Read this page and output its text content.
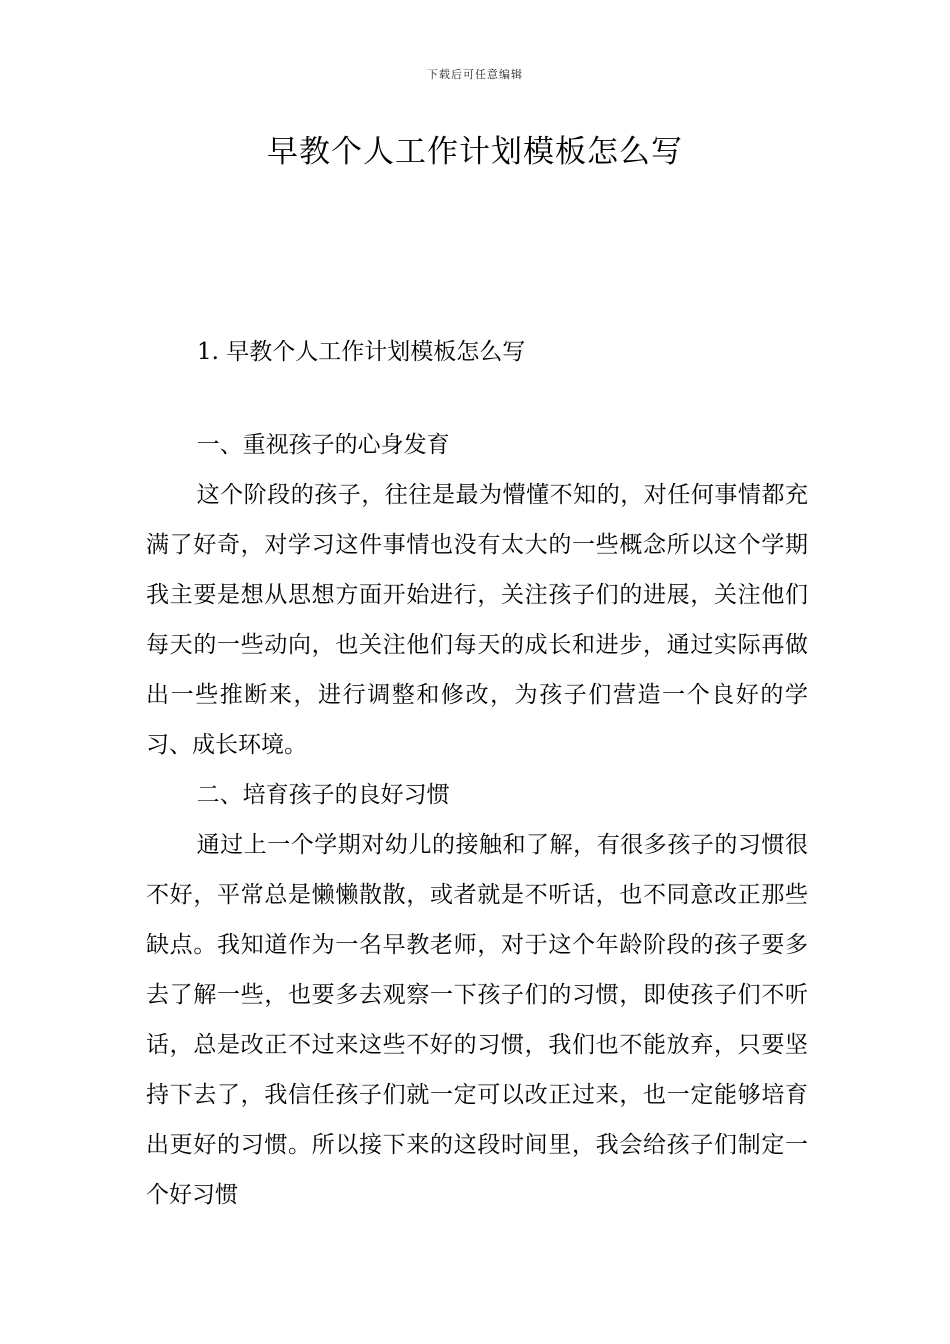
下载后可任意编辑
早教个人工作计划模板怎么写

1. 早教个人工作计划模板怎么写

一、重视孩子的心身发育

这个阶段的孩子，往往是最为懵懂不知的，对任何事情都充满了好奇，对学习这件事情也没有太大的一些概念所以这个学期我主要是想从思想方面开始进行，关注孩子们的进展，关注他们每天的一些动向，也关注他们每天的成长和进步，通过实际再做出一些推断来，进行调整和修改，为孩子们营造一个良好的学习、成长环境。

二、培育孩子的良好习惯

通过上一个学期对幼儿的接触和了解，有很多孩子的习惯很不好，平常总是懒懒散散，或者就是不听话，也不同意改正那些缺点。我知道作为一名早教老师，对于这个年龄阶段的孩子要多去了解一些，也要多去观察一下孩子们的习惯，即使孩子们不听话，总是改正不过来这些不好的习惯，我们也不能放弃，只要坚持下去了，我信任孩子们就一定可以改正过来，也一定能够培育出更好的习惯。所以接下来的这段时间里，我会给孩子们制定一个好习惯
